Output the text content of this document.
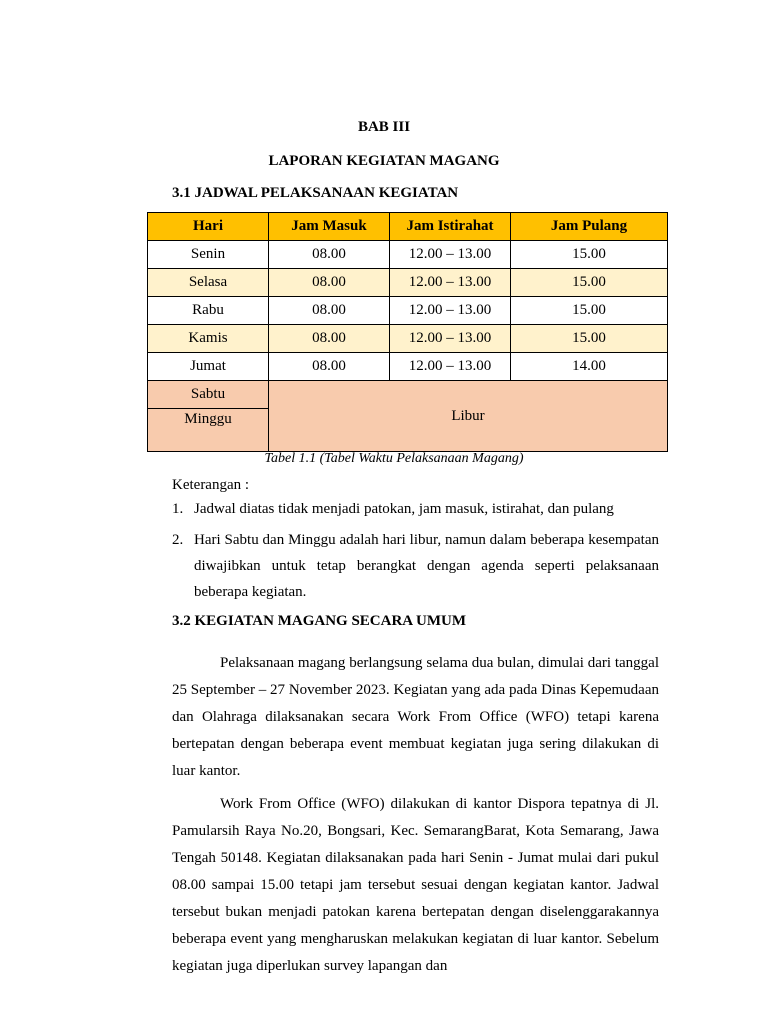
BAB III
LAPORAN KEGIATAN MAGANG
3.1 JADWAL PELAKSANAAN KEGIATAN
Hari	Jam Masuk	Jam Istirahat	Jam Pulang
Senin	08.00	12.00 – 13.00	15.00
Selasa	08.00	12.00 – 13.00	15.00
Rabu	08.00	12.00 – 13.00	15.00
Kamis	08.00	12.00 – 13.00	15.00
Jumat	08.00	12.00 – 13.00	14.00
Sabtu	Libur		
Minggu			
Tabel 1.1 (Tabel Waktu Pelaksanaan Magang)
Keterangan :
1. Jadwal diatas tidak menjadi patokan, jam masuk, istirahat, dan pulang
2. Hari Sabtu dan Minggu adalah hari libur, namun dalam beberapa kesempatan diwajibkan untuk tetap berangkat dengan agenda seperti pelaksanaan beberapa kegiatan.
3.2 KEGIATAN MAGANG SECARA UMUM
Pelaksanaan magang berlangsung selama dua bulan, dimulai dari tanggal 25 September – 27 November 2023. Kegiatan yang ada pada Dinas Kepemudaan dan Olahraga dilaksanakan secara Work From Office (WFO) tetapi karena bertepatan dengan beberapa event membuat kegiatan juga sering dilakukan di luar kantor.
Work From Office (WFO) dilakukan di kantor Dispora tepatnya di Jl. Pamularsih Raya No.20, Bongsari, Kec. SemarangBarat, Kota Semarang, Jawa Tengah 50148. Kegiatan dilaksanakan pada hari Senin - Jumat mulai dari pukul 08.00 sampai 15.00 tetapi jam tersebut sesuai dengan kegiatan kantor. Jadwal tersebut bukan menjadi patokan karena bertepatan dengan diselenggarakannya beberapa event yang mengharuskan melakukan kegiatan di luar kantor. Sebelum kegiatan juga diperlukan survey lapangan dan
